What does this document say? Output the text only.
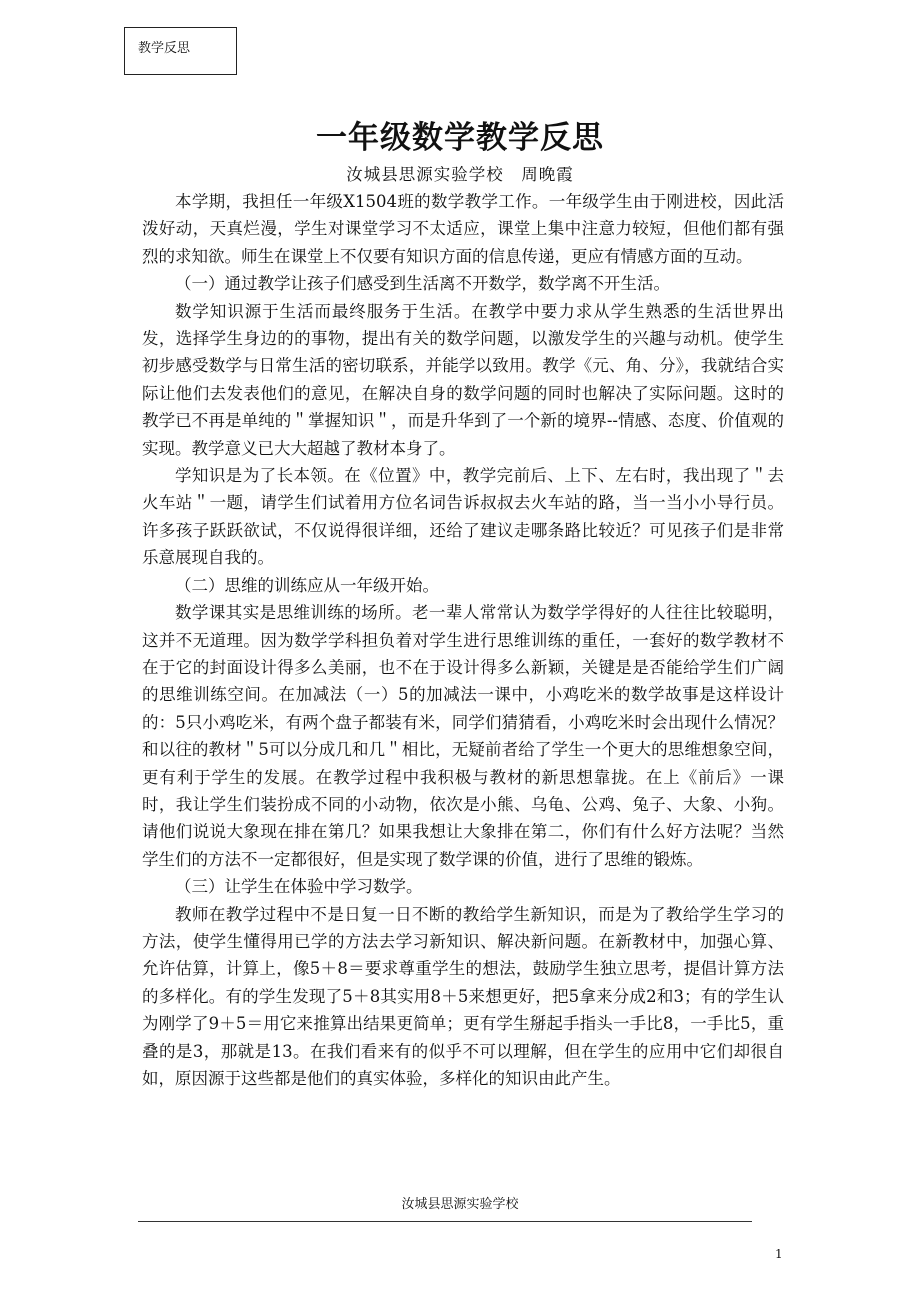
教学反思
一年级数学教学反思
汝城县思源实验学校　周晚霞

本学期，我担任一年级X1504班的数学教学工作。一年级学生由于刚进校，因此活泼好动，天真烂漫，学生对课堂学习不太适应，课堂上集中注意力较短，但他们都有强烈的求知欲。师生在课堂上不仅要有知识方面的信息传递，更应有情感方面的互动。

（一）通过教学让孩子们感受到生活离不开数学，数学离不开生活。

数学知识源于生活而最终服务于生活。在教学中要力求从学生熟悉的生活世界出发，选择学生身边的的事物，提出有关的数学问题，以激发学生的兴趣与动机。使学生初步感受数学与日常生活的密切联系，并能学以致用。教学《元、角、分》，我就结合实际让他们去发表他们的意见，在解决自身的数学问题的同时也解决了实际问题。这时的教学已不再是单纯的＂掌握知识＂，而是升华到了一个新的境界--情感、态度、价值观的实现。教学意义已大大超越了教材本身了。

学知识是为了长本领。在《位置》中，教学完前后、上下、左右时，我出现了＂去火车站＂一题，请学生们试着用方位名词告诉叔叔去火车站的路，当一当小小导行员。许多孩子跃跃欲试，不仅说得很详细，还给了建议走哪条路比较近？可见孩子们是非常乐意展现自我的。

（二）思维的训练应从一年级开始。

数学课其实是思维训练的场所。老一辈人常常认为数学学得好的人往往比较聪明，这并不无道理。因为数学学科担负着对学生进行思维训练的重任，一套好的数学教材不在于它的封面设计得多么美丽，也不在于设计得多么新颖，关键是是否能给学生们广阔的思维训练空间。在加减法（一）5的加减法一课中，小鸡吃米的数学故事是这样设计的：5只小鸡吃米，有两个盘子都装有米，同学们猜猜看，小鸡吃米时会出现什么情况？和以往的教材＂5可以分成几和几＂相比，无疑前者给了学生一个更大的思维想象空间，更有利于学生的发展。在教学过程中我积极与教材的新思想靠拢。在上《前后》一课时，我让学生们装扮成不同的小动物，依次是小熊、乌龟、公鸡、兔子、大象、小狗。请他们说说大象现在排在第几？如果我想让大象排在第二，你们有什么好方法呢？当然学生们的方法不一定都很好，但是实现了数学课的价值，进行了思维的锻炼。

（三）让学生在体验中学习数学。

教师在教学过程中不是日复一日不断的教给学生新知识，而是为了教给学生学习的方法，使学生懂得用已学的方法去学习新知识、解决新问题。在新教材中，加强心算、允许估算，计算上，像5＋8＝要求尊重学生的想法，鼓励学生独立思考，提倡计算方法的多样化。有的学生发现了5＋8其实用8＋5来想更好，把5拿来分成2和3；有的学生认为刚学了9＋5＝用它来推算出结果更简单；更有学生掰起手指头一手比8，一手比5，重叠的是3，那就是13。在我们看来有的似乎不可以理解，但在学生的应用中它们却很自如，原因源于这些都是他们的真实体验，多样化的知识由此产生。

汝城县思源实验学校
1
